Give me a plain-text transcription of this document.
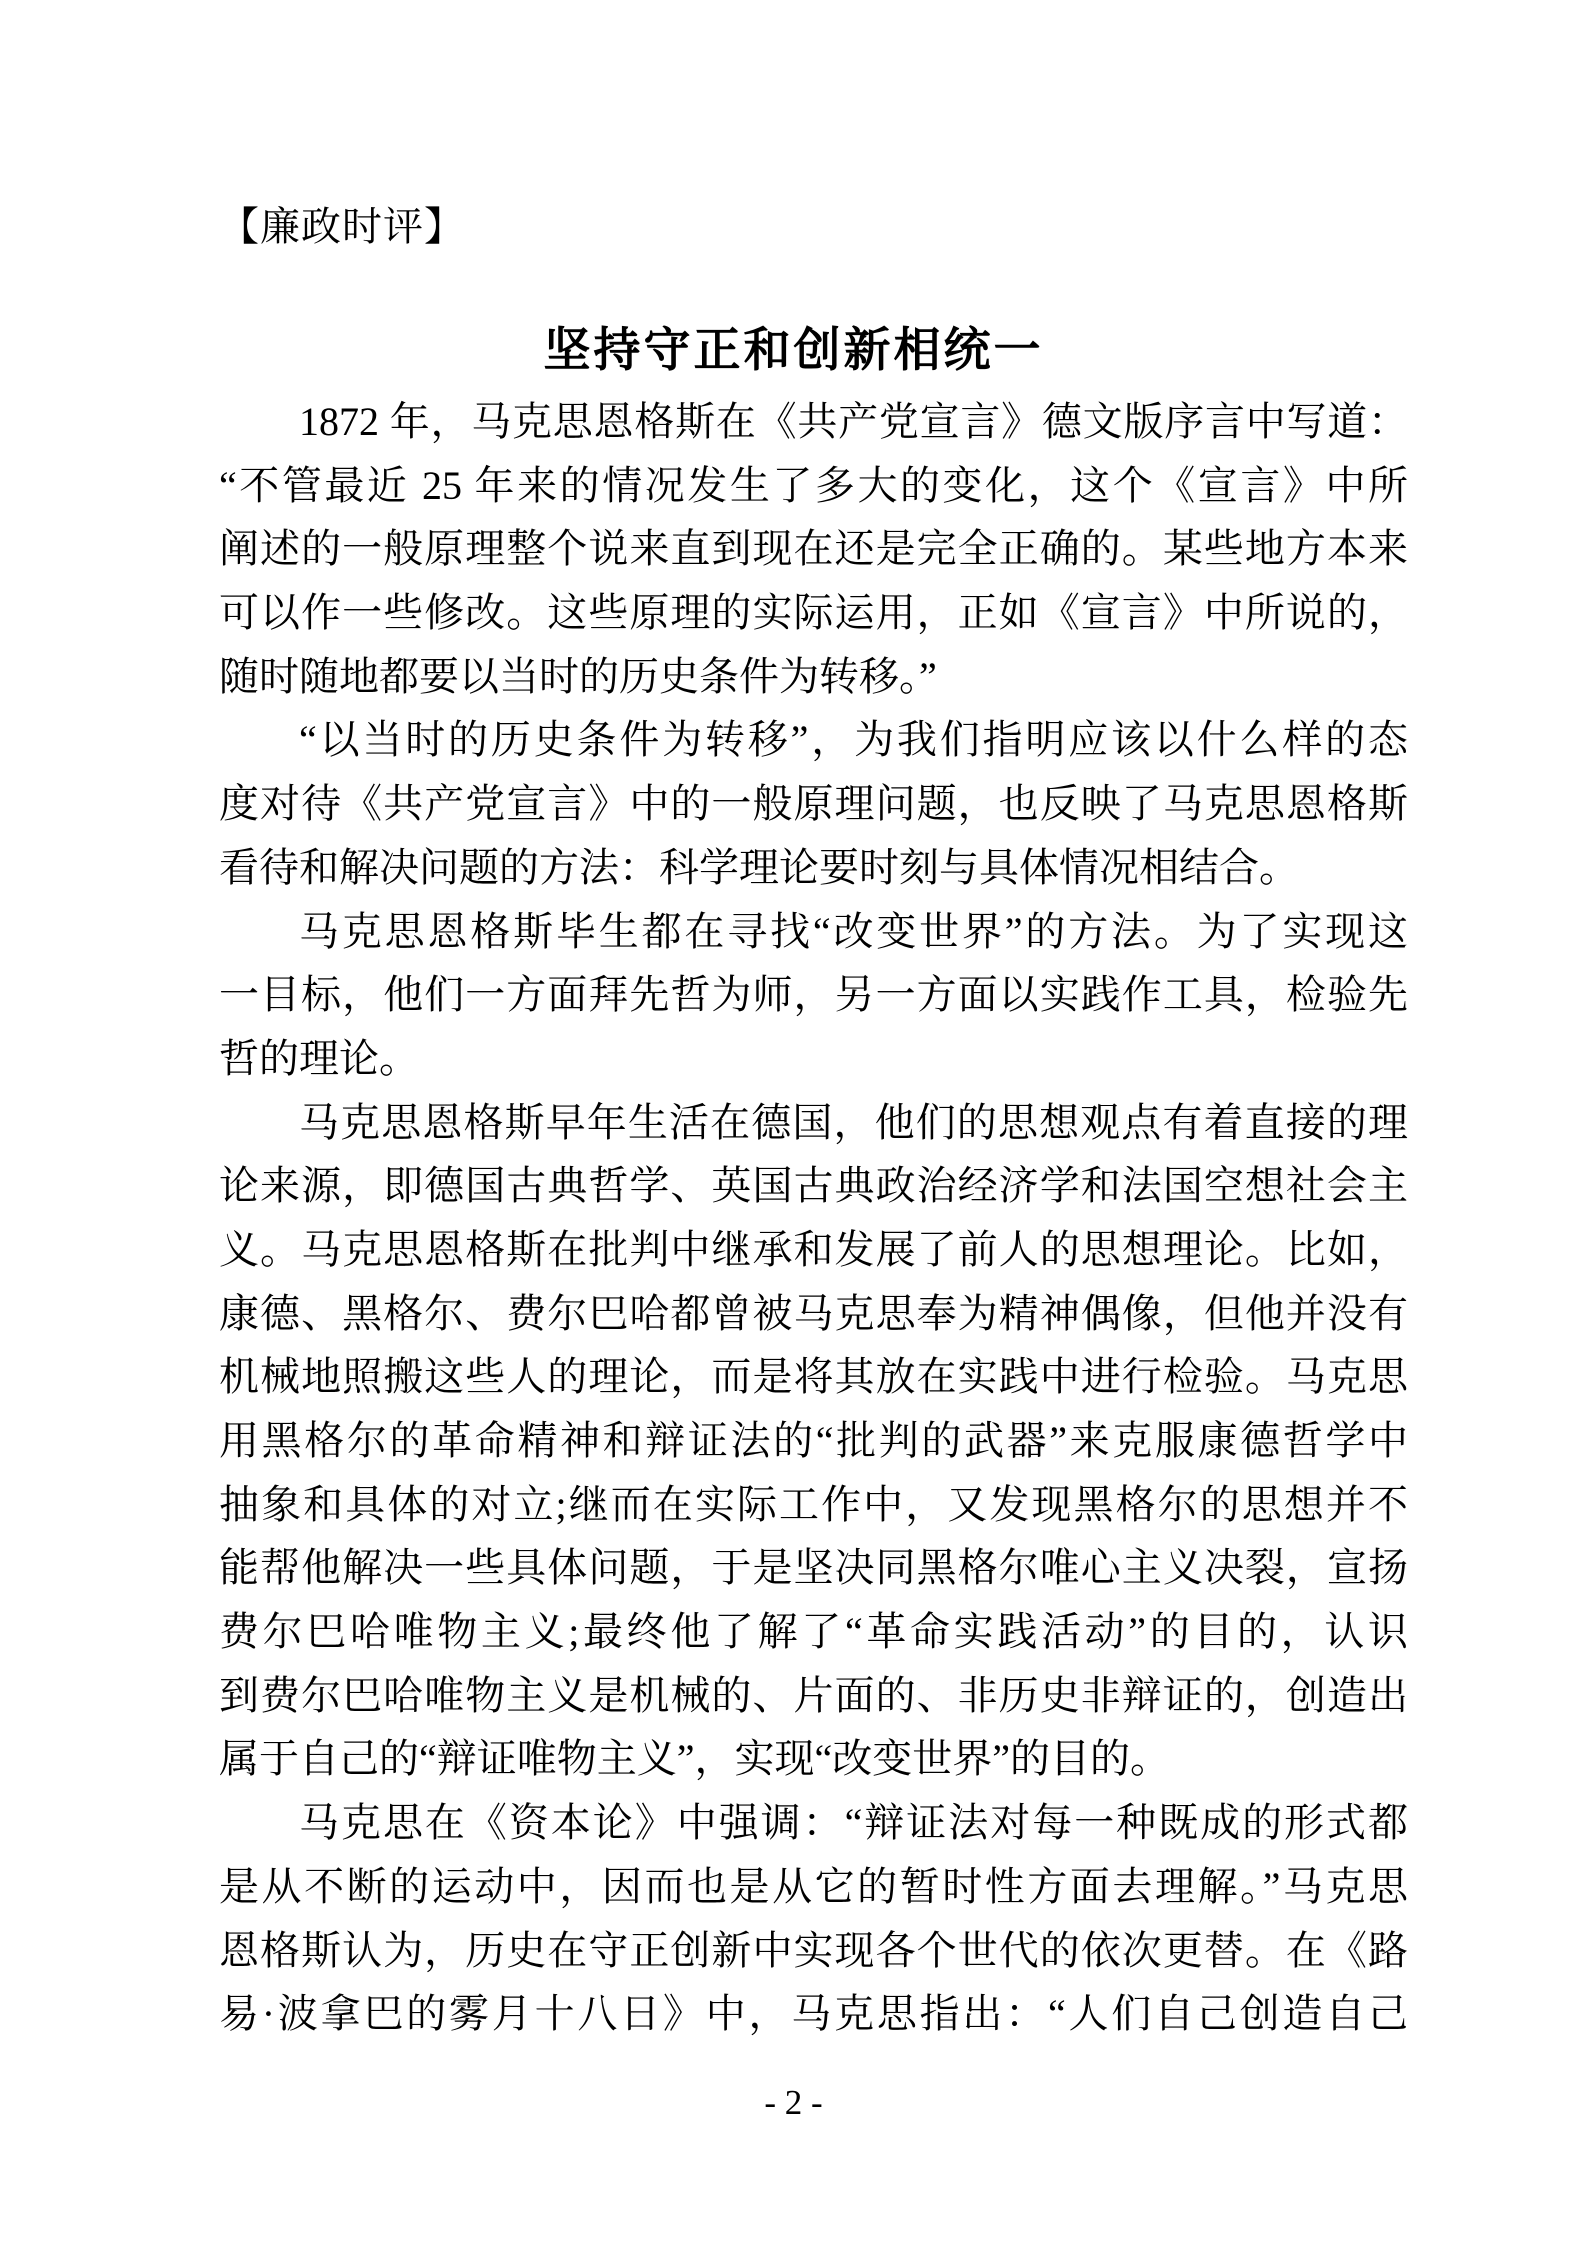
【廉政时评】
坚持守正和创新相统一
1872 年，马克思恩格斯在《共产党宣言》德文版序言中写道：
“不管最近 25 年来的情况发生了多大的变化，这个《宣言》中所
阐述的一般原理整个说来直到现在还是完全正确的。某些地方本来
可以作一些修改。这些原理的实际运用，正如《宣言》中所说的，
随时随地都要以当时的历史条件为转移。”
“以当时的历史条件为转移”，为我们指明应该以什么样的态
度对待《共产党宣言》中的一般原理问题，也反映了马克思恩格斯
看待和解决问题的方法：科学理论要时刻与具体情况相结合。
马克思恩格斯毕生都在寻找“改变世界”的方法。为了实现这
一目标，他们一方面拜先哲为师，另一方面以实践作工具，检验先
哲的理论。
马克思恩格斯早年生活在德国，他们的思想观点有着直接的理
论来源，即德国古典哲学、英国古典政治经济学和法国空想社会主
义。马克思恩格斯在批判中继承和发展了前人的思想理论。比如，
康德、黑格尔、费尔巴哈都曾被马克思奉为精神偶像，但他并没有
机械地照搬这些人的理论，而是将其放在实践中进行检验。马克思
用黑格尔的革命精神和辩证法的“批判的武器”来克服康德哲学中
抽象和具体的对立;继而在实际工作中，又发现黑格尔的思想并不
能帮他解决一些具体问题，于是坚决同黑格尔唯心主义决裂，宣扬
费尔巴哈唯物主义;最终他了解了“革命实践活动”的目的，认识
到费尔巴哈唯物主义是机械的、片面的、非历史非辩证的，创造出
属于自己的“辩证唯物主义”，实现“改变世界”的目的。
马克思在《资本论》中强调：“辩证法对每一种既成的形式都
是从不断的运动中，因而也是从它的暂时性方面去理解。”马克思
恩格斯认为，历史在守正创新中实现各个世代的依次更替。在《路
易·波拿巴的雾月十八日》中，马克思指出：“人们自己创造自己
- 2 -
